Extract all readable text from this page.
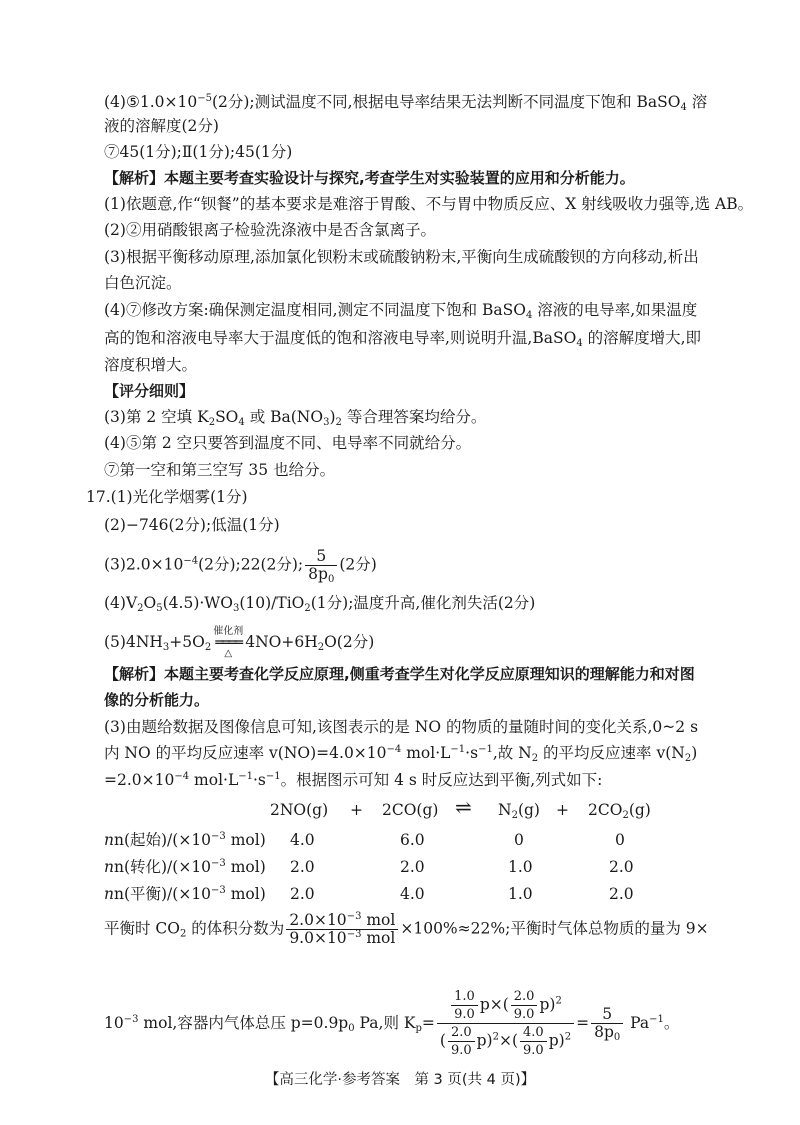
$(4)⑤1.0\times 10^{-5}(2$分);测试温度不同,根据电导率结果无法判断不同温度下饱和 BaSO$_4$ 溶
液的溶解度(2分)
⑦45(1分);Ⅱ(1分);45(1分)
【解析】本题主要考查实验设计与探究,考查学生对实验装置的应用和分析能力。
(1)依题意,作“钡餐”的基本要求是难溶于胃酸、不与胃中物质反应、X 射线吸收力强等,选 AB。
(2)②用硝酸银离子检验洗涤液中是否含氯离子。
(3)根据平衡移动原理,添加氯化钡粉末或硫酸钠粉末,平衡向生成硫酸钡的方向移动,析出
白色沉淀。
(4)⑦修改方案:确保测定温度相同,测定不同温度下饱和 BaSO$_4$ 溶液的电导率,如果温度
高的饱和溶液电导率大于温度低的饱和溶液电导率,则说明升温,BaSO$_4$ 的溶解度增大,即
溶度积增大。
【评分细则】
(3)第 2 空填 $K_2SO_4$ 或 $Ba(NO_3)_2$ 等合理答案均给分。
(4)⑤第 2 空只要答到温度不同、电导率不同就给分。
⑦第一空和第三空写 35 也给分。
17.(1)光化学烟雾(1分)
(2)−746(2分);低温(1分)
$(3)2.0\times 10^{-4}(2$分);22(2分); $\frac{5}{8p_0} (2$分)
$(4)V_2O_5(4.5)\cdot WO_3(10)/TiO_2(1$分);温度升高,催化剂失活(2分)
$(5)4NH_3+5O_2$催化剂
════
$\triangle 4NO+6H_2O(2$分)
【解析】本题主要考查化学反应原理,侧重考查学生对化学反应原理知识的理解能力和对图
像的分析能力。
(3)由题给数据及图像信息可知,该图表示的是 NO 的物质的量随时间的变化关系,0~2 s
内 NO 的平均反应速率 $v(NO)=4.0\times 10^{-4}$ $mol\cdot L^{-1}\cdot s^{-1}$,故 $N_2$ 的平均反应速率 $v(N_2)$
$=2.0\times 10^{-4}$ $mol\cdot L^{-1}\cdot s^{-1}$。根据图示可知 4 s 时反应达到平衡,列式如下:
2NO(g) + 2CO(g) ⇌ $N_2(g) + 2CO_2(g)$
nn(起始)$/(\times 10^{-3}$ mol) 4.0	6.0	0	0
nn(转化)$/(\times 10^{-3}$ mol) 2.0	2.0	1.0	2.0
nn(平衡)$/(\times 10^{-3}$ mol) 2.0	4.0	1.0	2.0
平衡时 $CO_2$ 的体积分数为 $\frac{2.0\times 10^{-3} mol}{9.0\times 10^{-3} mol} \times 100\%\approx 22\%$;平衡时气体总物质的量为 9×
$10^{-3}$ mol,容器内气体总压 $p=0.9p_0$ Pa,则 $K_p= \frac{\frac{1.0}{9.0} p\times( \frac{2.0}{9.0} p)^2}{( \frac{2.0}{9.0} p)^2\times( \frac{4.0}{9.0} p)^2} = \frac{5}{8p_0} Pa^{-1}$。
【高三化学·参考答案　第 3 页(共 4 页)】
